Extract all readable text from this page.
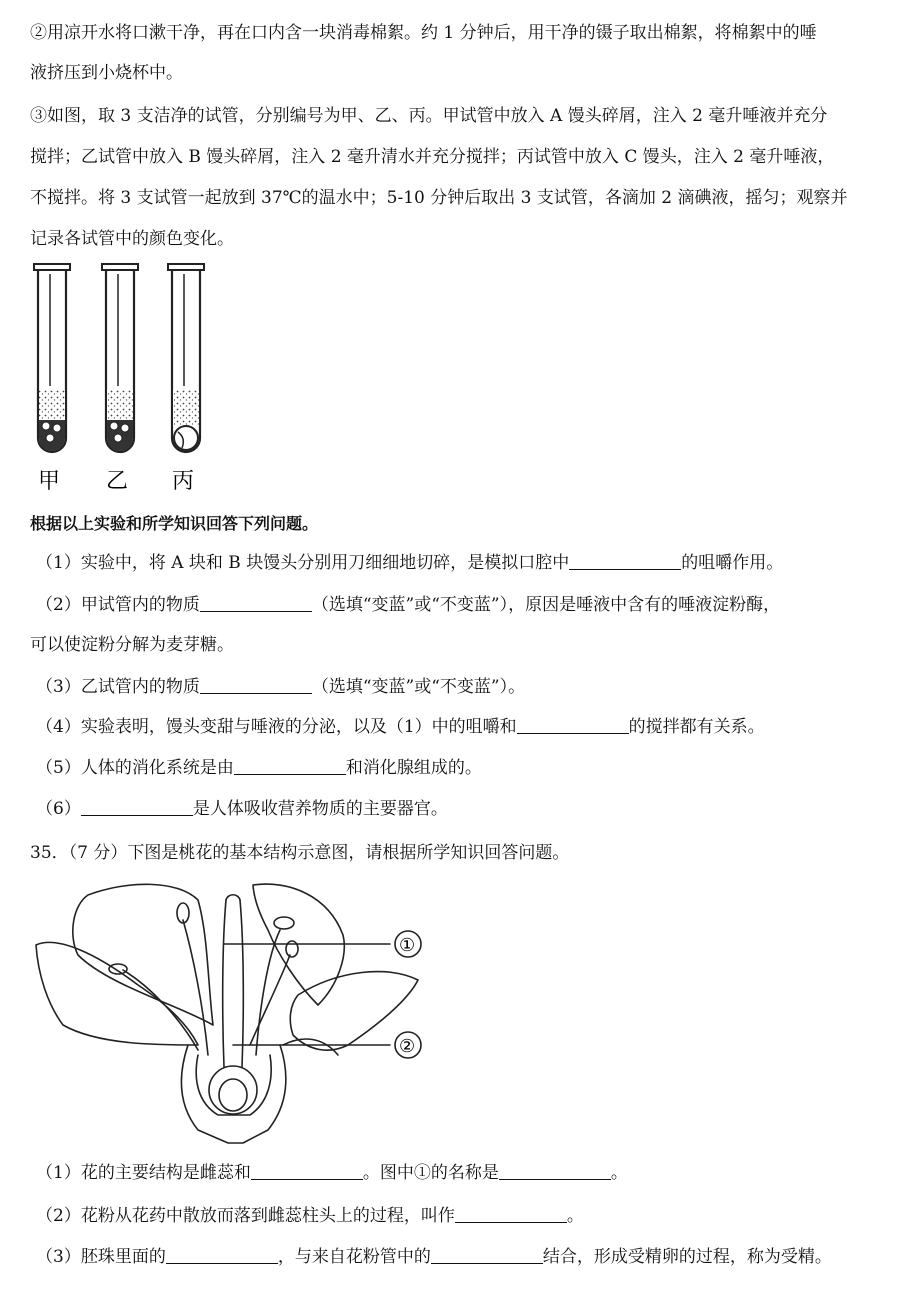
②用凉开水将口漱干净，再在口内含一块消毒棉絮。约 1 分钟后，用干净的镊子取出棉絮，将棉絮中的唾
液挤压到小烧杯中。
③如图，取 3 支洁净的试管，分别编号为甲、乙、丙。甲试管中放入 A 馒头碎屑，注入 2 毫升唾液并充分
搅拌；乙试管中放入 B 馒头碎屑，注入 2 毫升清水并充分搅拌；丙试管中放入 C 馒头，注入 2 毫升唾液，
不搅拌。将 3 支试管一起放到 37℃的温水中；5-10 分钟后取出 3 支试管，各滴加 2 滴碘液，摇匀；观察并
记录各试管中的颜色变化。
甲 乙 丙
根据以上实验和所学知识回答下列问题。
（1）实验中，将 A 块和 B 块馒头分别用刀细细地切碎，是模拟口腔中	的咀嚼作用。
（2）甲试管内的物质	（选填“变蓝”或“不变蓝”），原因是唾液中含有的唾液淀粉酶，
可以使淀粉分解为麦芽糖。
（3）乙试管内的物质	（选填“变蓝”或“不变蓝”）。
（4）实验表明，馒头变甜与唾液的分泌，以及（1）中的咀嚼和	的搅拌都有关系。
（5）人体的消化系统是由	和消化腺组成的。
（6）	是人体吸收营养物质的主要器官。
35．（7 分）下图是桃花的基本结构示意图，请根据所学知识回答问题。
①
②
（1）花的主要结构是雌蕊和	。图中①的名称是	。
（2）花粉从花药中散放而落到雌蕊柱头上的过程，叫作	。
（3）胚珠里面的	，与来自花粉管中的	结合，形成受精卵的过程，称为受精。
